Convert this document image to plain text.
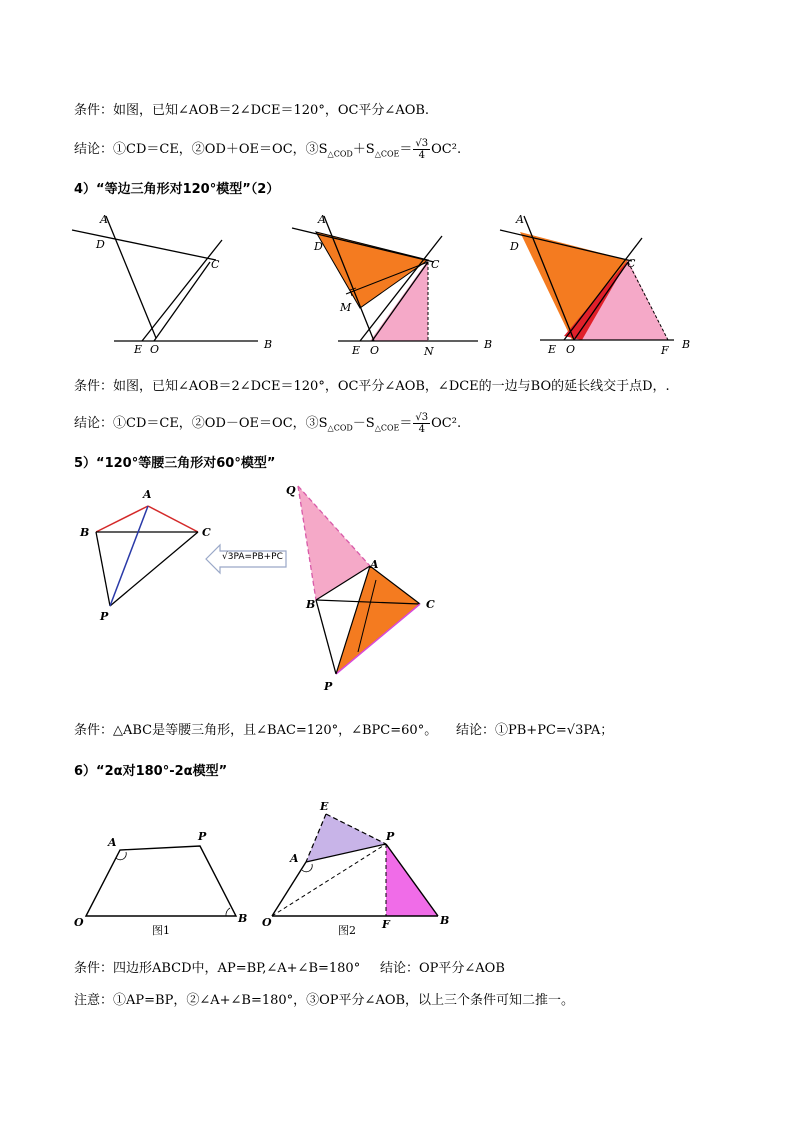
条件：如图，已知∠AOB＝2∠DCE＝120°，OC平分∠AOB.
结论：①CD＝CE，②OD＋OE＝OC，$③S_{\triangle COD}+S_{\triangle COE}= \frac{√3}{4} OC^2$.
4）“等边三角形对120°模型”（2）
A
D
C
E O	B
A
D
C
M
E O	N
B
A
D
C
E O	F B
条件：如图，已知∠AOB＝2∠DCE＝120°，OC平分∠AOB，∠DCE的一边与BO的延长线交于点D，.
结论：①CD＝CE，②OD－OE＝OC，$③S_{\triangle COD}-S_{\triangle COE}= \frac{√3}{4} OC^2$.
5）“120°等腰三角形对60°模型”
A
B	C
P
√3PA=PB+PC
Q
A
B	C
P
条件：△ABC是等腰三角形，且∠BAC=120°，∠BPC=60°。 结论：①PB+PC=√3PA；
6）“2α对180°-2α模型”
A	P
O	B
图1
E
P
A
O	F	B
图2
条件：四边形ABCD中，AP=BP,∠A+∠B=180° 结论：OP平分∠AOB
注意：①AP=BP，②∠A+∠B=180°，③OP平分∠AOB，以上三个条件可知二推一。
